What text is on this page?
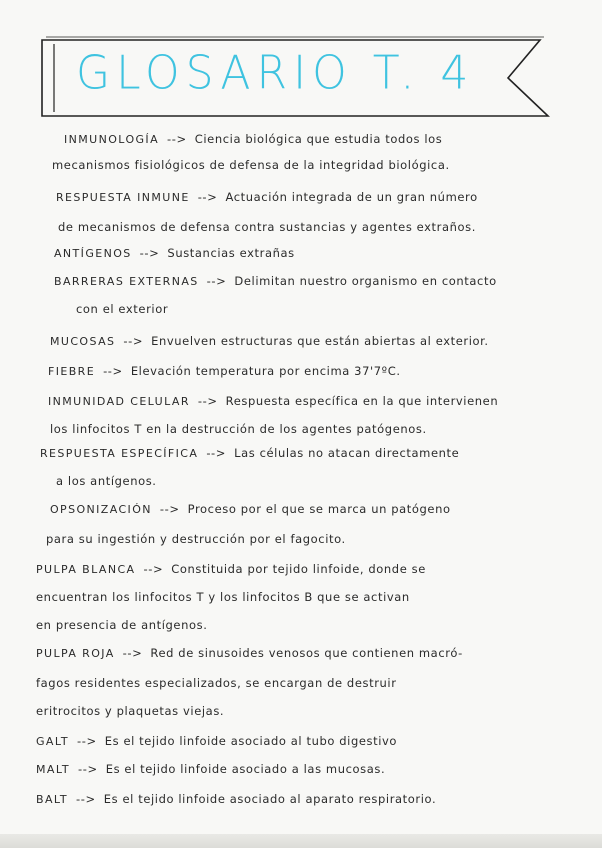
GLOSARIO T. 4
INMUNOLOGÍA --> Ciencia biológica que estudia todos los
mecanismos fisiológicos de defensa de la integridad biológica.
RESPUESTA INMUNE --> Actuación integrada de un gran número
de mecanismos de defensa contra sustancias y agentes extraños.
ANTÍGENOS --> Sustancias extrañas
BARRERAS EXTERNAS --> Delimitan nuestro organismo en contacto
con el exterior
MUCOSAS --> Envuelven estructuras que están abiertas al exterior.
FIEBRE --> Elevación temperatura por encima 37'7ºC.
INMUNIDAD CELULAR --> Respuesta específica en la que intervienen
los linfocitos T en la destrucción de los agentes patógenos.
RESPUESTA ESPECÍFICA --> Las células no atacan directamente
a los antígenos.
OPSONIZACIÓN --> Proceso por el que se marca un patógeno
para su ingestión y destrucción por el fagocito.
PULPA BLANCA --> Constituida por tejido linfoide, donde se
encuentran los linfocitos T y los linfocitos B que se activan
en presencia de antígenos.
PULPA ROJA --> Red de sinusoides venosos que contienen macró-
fagos residentes especializados, se encargan de destruir
eritrocitos y plaquetas viejas.
GALT --> Es el tejido linfoide asociado al tubo digestivo
MALT --> Es el tejido linfoide asociado a las mucosas.
BALT --> Es el tejido linfoide asociado al aparato respiratorio.
